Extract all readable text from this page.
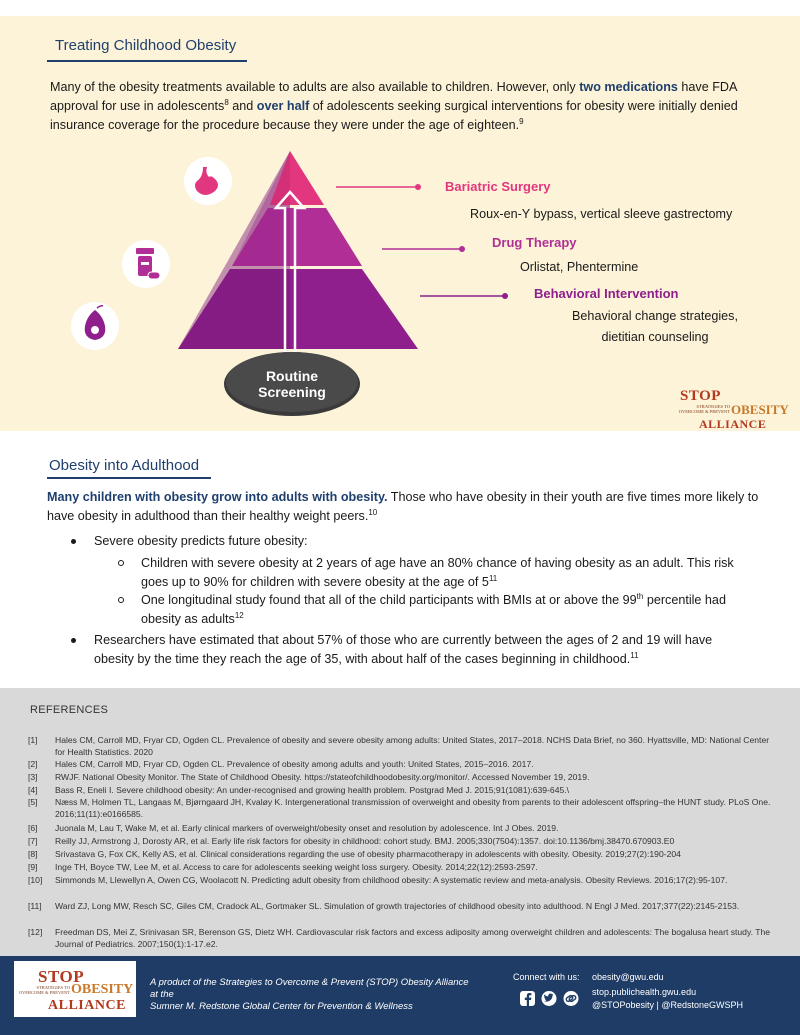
Treating Childhood Obesity
Many of the obesity treatments available to adults are also available to children. However, only two medications have FDA approval for use in adolescents$^8$ and over half of adolescents seeking surgical interventions for obesity were initially denied insurance coverage for the procedure because they were under the age of eighteen.$^9$
Routine
Screening
Bariatric Surgery
Roux-en-Y bypass, vertical sleeve gastrectomy
Drug Therapy
Orlistat, Phentermine
Behavioral Intervention
Behavioral change strategies,
dietitian counseling
STOP
STRATEGIES TO
OVERCOME & PREVENT OBESITY
ALLIANCE
Obesity into Adulthood
Many children with obesity grow into adults with obesity. Those who have obesity in their youth are five times more likely to have obesity in adulthood than their healthy weight peers.$^{10}$
Severe obesity predicts future obesity:
Children with severe obesity at 2 years of age have an 80% chance of having obesity as an adult. This risk goes up to 90% for children with severe obesity at the age of $5^{11}$
One longitudinal study found that all of the child participants with BMIs at or above the 99th percentile had obesity as adults$^{12}$
Researchers have estimated that about 57% of those who are currently between the ages of 2 and 19 will have obesity by the time they reach the age of 35, with about half of the cases beginning in childhood.$^{11}$
REFERENCES
[1] Hales CM, Carroll MD, Fryar CD, Ogden CL. Prevalence of obesity and severe obesity among adults: United States, 2017–2018. NCHS Data Brief, no 360. Hyattsville, MD: National Center for Health Statistics. 2020
[2] Hales CM, Carroll MD, Fryar CD, Ogden CL. Prevalence of obesity among adults and youth: United States, 2015–2016. 2017.
[3] RWJF. National Obesity Monitor. The State of Childhood Obesity. https://stateofchildhoodobesity.org/monitor/. Accessed November 19, 2019.
[4] Bass R, Eneli I. Severe childhood obesity: An under-recognised and growing health problem. Postgrad Med J. 2015;91(1081):639-645.\
[5] Næss M, Holmen TL, Langaas M, Bjørngaard JH, Kvaløy K. Intergenerational transmission of overweight and obesity from parents to their adolescent offspring–the HUNT study. PLoS One. 2016;11(11):e0166585.
[6] Juonala M, Lau T, Wake M, et al. Early clinical markers of overweight/obesity onset and resolution by adolescence. Int J Obes. 2019.
[7] Reilly JJ, Armstrong J, Dorosty AR, et al. Early life risk factors for obesity in childhood: cohort study. BMJ. 2005;330(7504):1357. doi:10.1136/bmj.38470.670903.E0
[8] Srivastava G, Fox CK, Kelly AS, et al. Clinical considerations regarding the use of obesity pharmacotherapy in adolescents with obesity. Obesity. 2019;27(2):190-204
[9] Inge TH, Boyce TW, Lee M, et al. Access to care for adolescents seeking weight loss surgery. Obesity. 2014;22(12):2593-2597.
[10] Simmonds M, Llewellyn A, Owen CG, Woolacott N. Predicting adult obesity from childhood obesity: A systematic review and meta-analysis. Obesity Reviews. 2016;17(2):95-107.
[11] Ward ZJ, Long MW, Resch SC, Giles CM, Cradock AL, Gortmaker SL. Simulation of growth trajectories of childhood obesity into adulthood. N Engl J Med. 2017;377(22):2145-2153.
[12] Freedman DS, Mei Z, Srinivasan SR, Berenson GS, Dietz WH. Cardiovascular risk factors and excess adiposity among overweight children and adolescents: The bogalusa heart study. The Journal of Pediatrics. 2007;150(1):1-17.e2.
STOP
STRATEGIES TO
OVERCOME & PREVENT OBESITY
ALLIANCE
A product of the Strategies to Overcome & Prevent (STOP) Obesity Alliance at the
Sumner M. Redstone Global Center for Prevention & Wellness
Connect with us: obesity@gwu.edu
stop.publichealth.gwu.edu
@STOPobesity | @RedstoneGWSPH
